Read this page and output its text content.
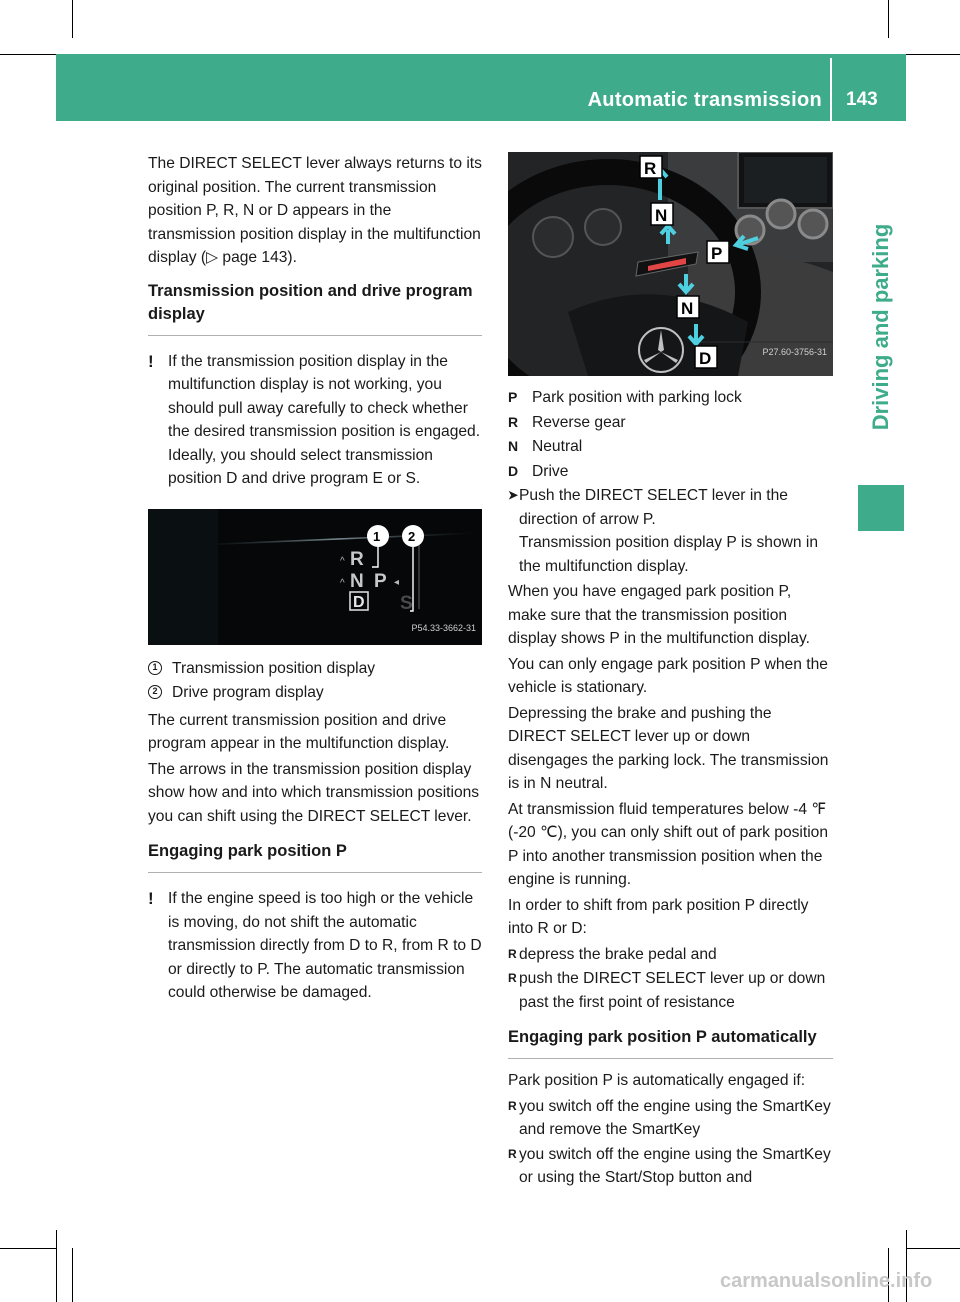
Automatic transmission 143
Driving and parking

The DIRECT SELECT lever always returns to its original position. The current transmission position P, R, N or D appears in the transmission position display in the multifunction display (▷ page 143).

Transmission position and drive program display
! If the transmission position display in the multifunction display is not working, you should pull away carefully to check whether the desired transmission position is engaged. Ideally, you should select transmission position D and drive program E or S.
^
^
R
N P ◂
D S
1 2
P54.33-3662-31
1 Transmission position display
2 Drive program display

The current transmission position and drive program appear in the multifunction display.

The arrows in the transmission position display show how and into which transmission positions you can shift using the DIRECT SELECT lever.

Engaging park position P
! If the engine speed is too high or the vehicle is moving, do not shift the automatic transmission directly from D to R, from R to D or directly to P. The automatic transmission could otherwise be damaged.
R
N
P
N
D	P27.60-3756-31
P Park position with parking lock
R Reverse gear
N Neutral
D Drive
➤ Push the DIRECT SELECT lever in the direction of arrow P.
Transmission position display P is shown in the multifunction display.

When you have engaged park position P, make sure that the transmission position display shows P in the multifunction display.

You can only engage park position P when the vehicle is stationary.

Depressing the brake and pushing the DIRECT SELECT lever up or down disengages the parking lock. The transmission is in N neutral.

At transmission fluid temperatures below -4 ℉ (-20 ℃), you can only shift out of park position P into another transmission position when the engine is running.

In order to shift from park position P directly into R or D:

R depress the brake pedal and
R push the DIRECT SELECT lever up or down past the first point of resistance
Engaging park position P automatically

Park position P is automatically engaged if:

R you switch off the engine using the SmartKey and remove the SmartKey
R you switch off the engine using the SmartKey or using the Start/Stop button and
carmanualsonline.info
